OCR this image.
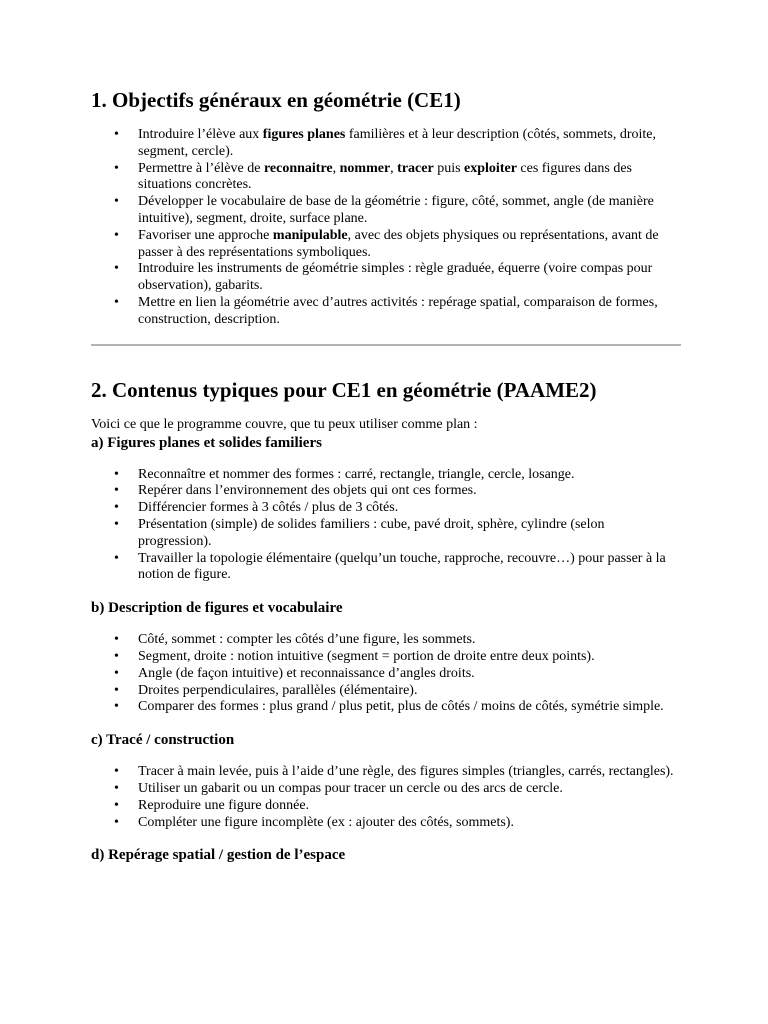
1. Objectifs généraux en géométrie (CE1)
• Introduire l’élève aux figures planes familières et à leur description (côtés, sommets, droite, segment, cercle).
• Permettre à l’élève de reconnaitre, nommer, tracer puis exploiter ces figures dans des situations concrètes.
• Développer le vocabulaire de base de la géométrie : figure, côté, sommet, angle (de manière intuitive), segment, droite, surface plane.
• Favoriser une approche manipulable, avec des objets physiques ou représentations, avant de passer à des représentations symboliques.
• Introduire les instruments de géométrie simples : règle graduée, équerre (voire compas pour observation), gabarits.
• Mettre en lien la géométrie avec d’autres activités : repérage spatial, comparaison de formes, construction, description.
2. Contenus typiques pour CE1 en géométrie (PAAME2)

Voici ce que le programme couvre, que tu peux utiliser comme plan :

a) Figures planes et solides familiers
• Reconnaître et nommer des formes : carré, rectangle, triangle, cercle, losange.
• Repérer dans l’environnement des objets qui ont ces formes.
• Différencier formes à 3 côtés / plus de 3 côtés.
• Présentation (simple) de solides familiers : cube, pavé droit, sphère, cylindre (selon progression).
• Travailler la topologie élémentaire (quelqu’un touche, rapproche, recouvre…) pour passer à la notion de figure.
b) Description de figures et vocabulaire
• Côté, sommet : compter les côtés d’une figure, les sommets.
• Segment, droite : notion intuitive (segment = portion de droite entre deux points).
• Angle (de façon intuitive) et reconnaissance d’angles droits.
• Droites perpendiculaires, parallèles (élémentaire).
• Comparer des formes : plus grand / plus petit, plus de côtés / moins de côtés, symétrie simple.
c) Tracé / construction
• Tracer à main levée, puis à l’aide d’une règle, des figures simples (triangles, carrés, rectangles).
• Utiliser un gabarit ou un compas pour tracer un cercle ou des arcs de cercle.
• Reproduire une figure donnée.
• Compléter une figure incomplète (ex : ajouter des côtés, sommets).
d) Repérage spatial / gestion de l’espace
